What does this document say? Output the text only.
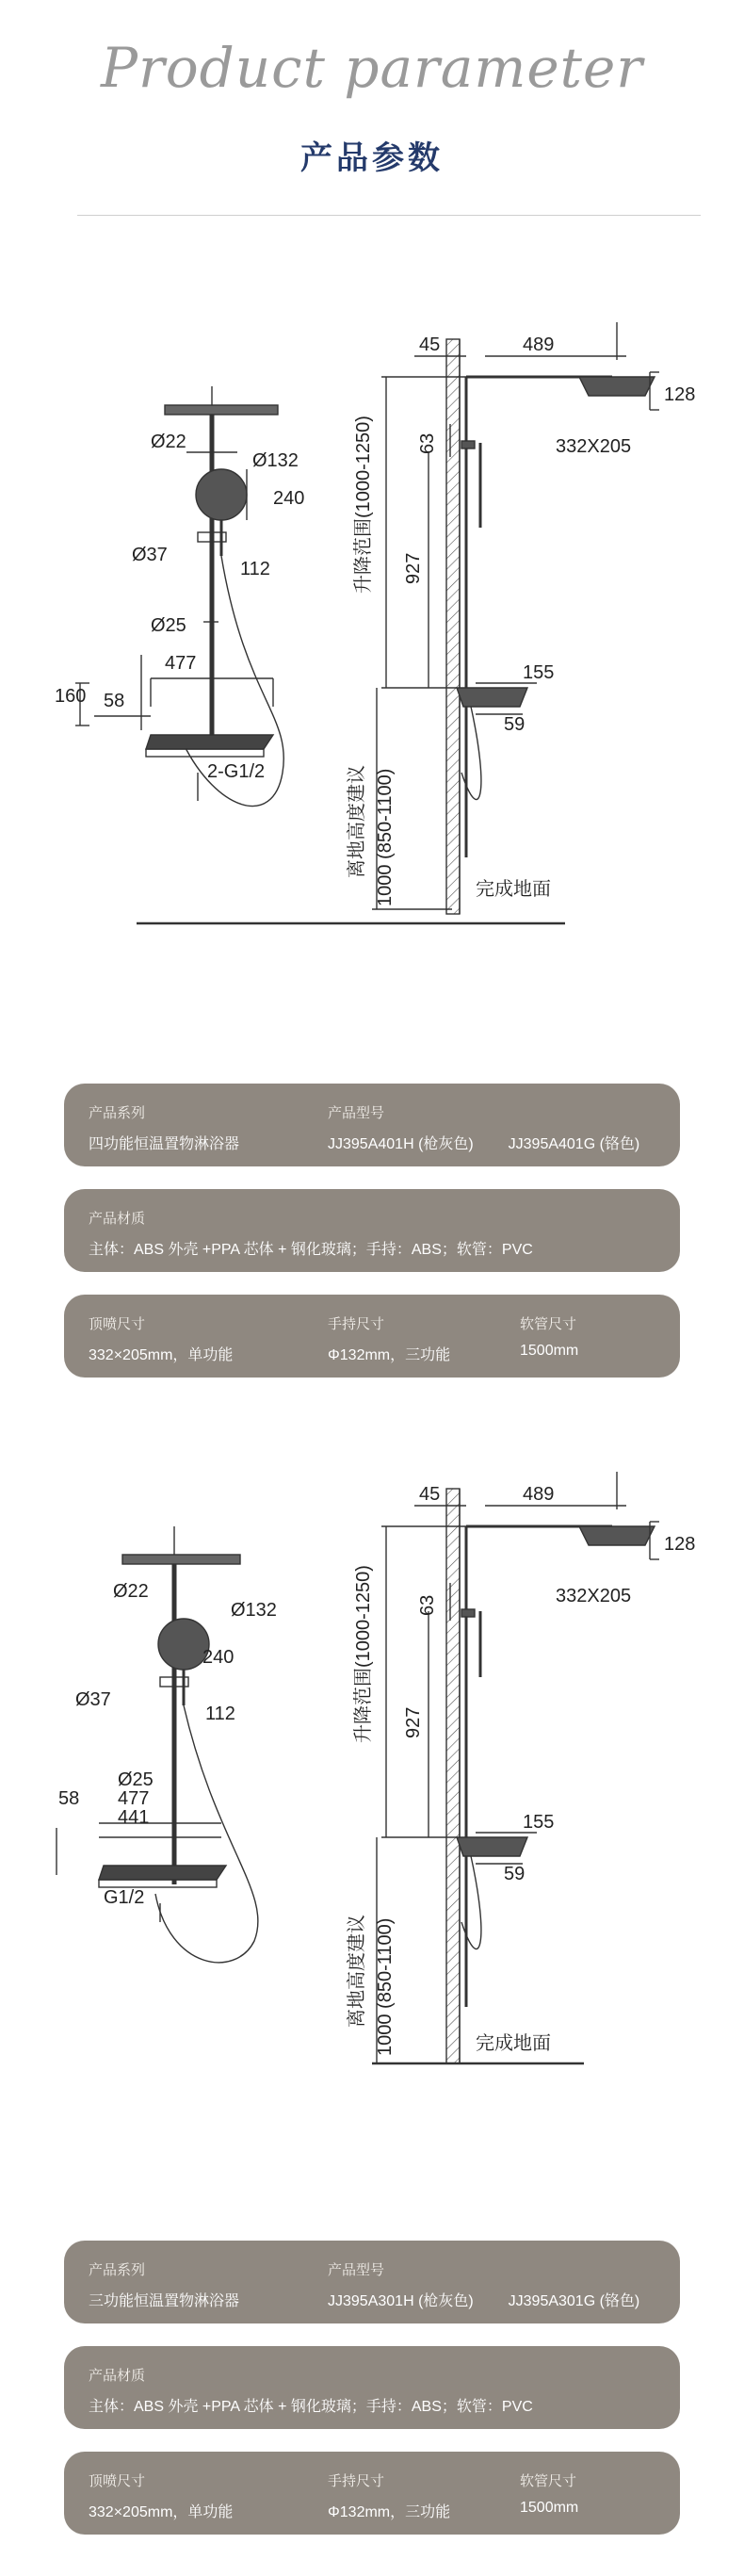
Product parameter
产品参数
Ø22
Ø132
240
Ø37
112
Ø25
477
160 58
2-G1/2
45	489
128
332X205
63
升降范围(1000-1250) 927
155
59
离地高度建议 1000 (850-1100)	完成地面
产品系列
四功能恒温置物淋浴器
产品型号
JJ395A401H (枪灰色) JJ395A401G (铬色)
产品材质
主体：ABS 外壳 +PPA 芯体 + 钢化玻璃；手持：ABS；软管：PVC
顶喷尺寸
332×205mm，单功能
手持尺寸
Φ132mm，三功能
软管尺寸
1500mm
Ø22
Ø132
240
Ø37
112
58
Ø25
477
441
G1/2
45	489
128
332X205
63
升降范围(1000-1250) 927
155
59
离地高度建议 1000 (850-1100)	完成地面
产品系列
三功能恒温置物淋浴器
产品型号
JJ395A301H (枪灰色) JJ395A301G (铬色)
产品材质
主体：ABS 外壳 +PPA 芯体 + 钢化玻璃；手持：ABS；软管：PVC
顶喷尺寸
332×205mm，单功能
手持尺寸
Φ132mm，三功能
软管尺寸
1500mm
